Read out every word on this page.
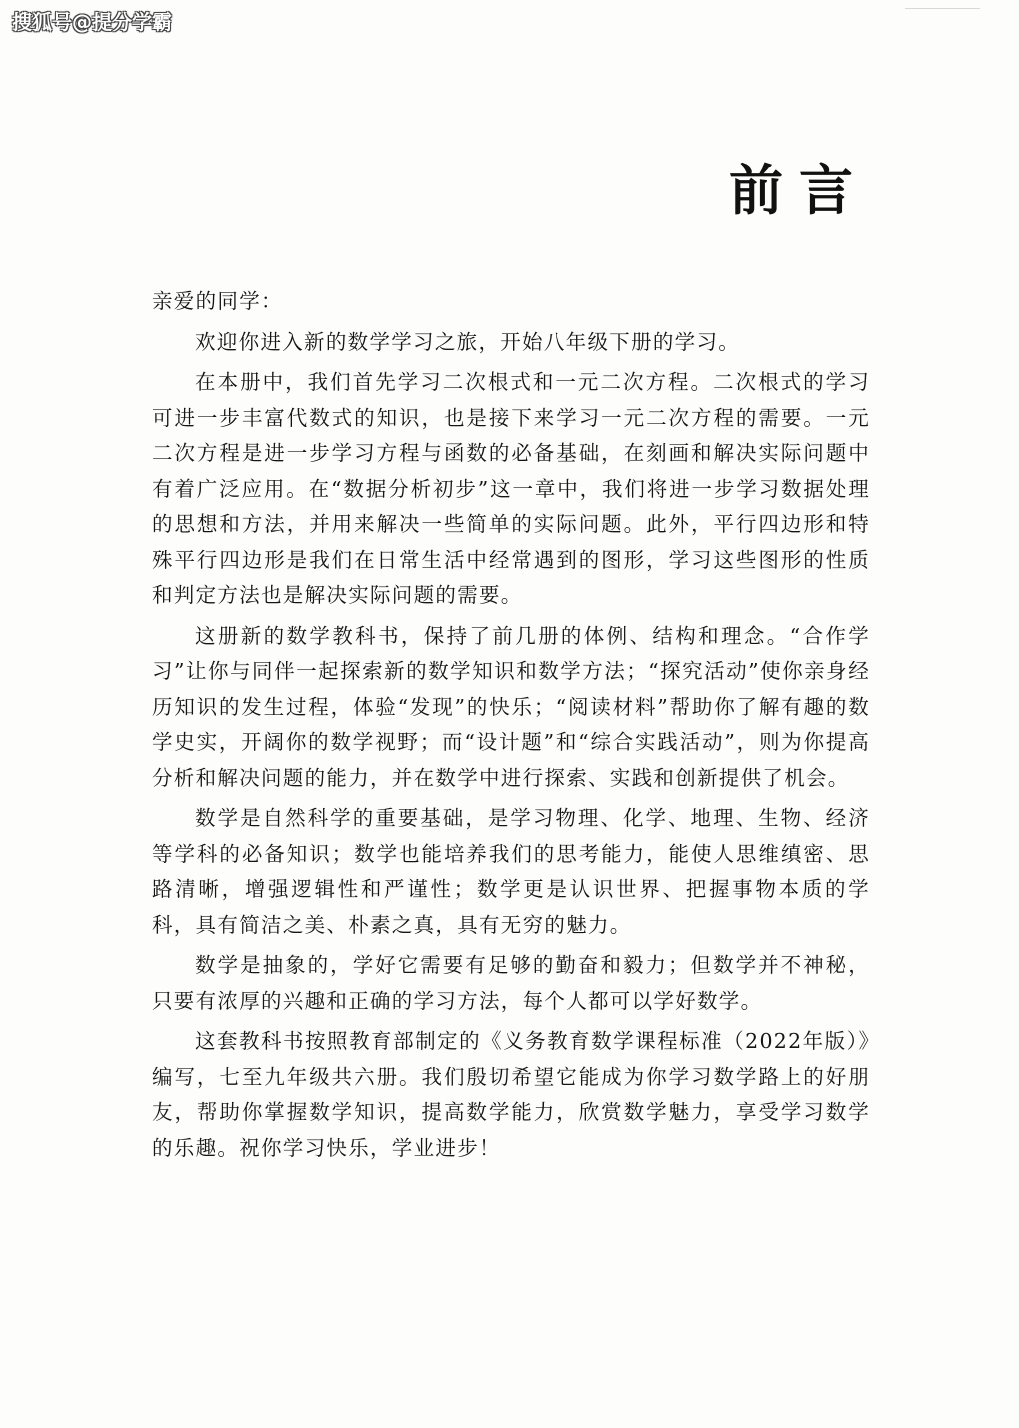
搜狐号@提分学霸
前言

亲爱的同学：

欢迎你进入新的数学学习之旅，开始八年级下册的学习。

在本册中，我们首先学习二次根式和一元二次方程。二次根式的学习可进一步丰富代数式的知识，也是接下来学习一元二次方程的需要。一元二次方程是进一步学习方程与函数的必备基础，在刻画和解决实际问题中有着广泛应用。在“数据分析初步”这一章中，我们将进一步学习数据处理的思想和方法，并用来解决一些简单的实际问题。此外，平行四边形和特殊平行四边形是我们在日常生活中经常遇到的图形，学习这些图形的性质和判定方法也是解决实际问题的需要。

这册新的数学教科书，保持了前几册的体例、结构和理念。“合作学习”让你与同伴一起探索新的数学知识和数学方法；“探究活动”使你亲身经历知识的发生过程，体验“发现”的快乐；“阅读材料”帮助你了解有趣的数学史实，开阔你的数学视野；而“设计题”和“综合实践活动”，则为你提高分析和解决问题的能力，并在数学中进行探索、实践和创新提供了机会。

数学是自然科学的重要基础，是学习物理、化学、地理、生物、经济等学科的必备知识；数学也能培养我们的思考能力，能使人思维缜密、思路清晰，增强逻辑性和严谨性；数学更是认识世界、把握事物本质的学科，具有简洁之美、朴素之真，具有无穷的魅力。

数学是抽象的，学好它需要有足够的勤奋和毅力；但数学并不神秘，只要有浓厚的兴趣和正确的学习方法，每个人都可以学好数学。

这套教科书按照教育部制定的《义务教育数学课程标准（2022年版）》编写，七至九年级共六册。我们殷切希望它能成为你学习数学路上的好朋友，帮助你掌握数学知识，提高数学能力，欣赏数学魅力，享受学习数学的乐趣。祝你学习快乐，学业进步！
